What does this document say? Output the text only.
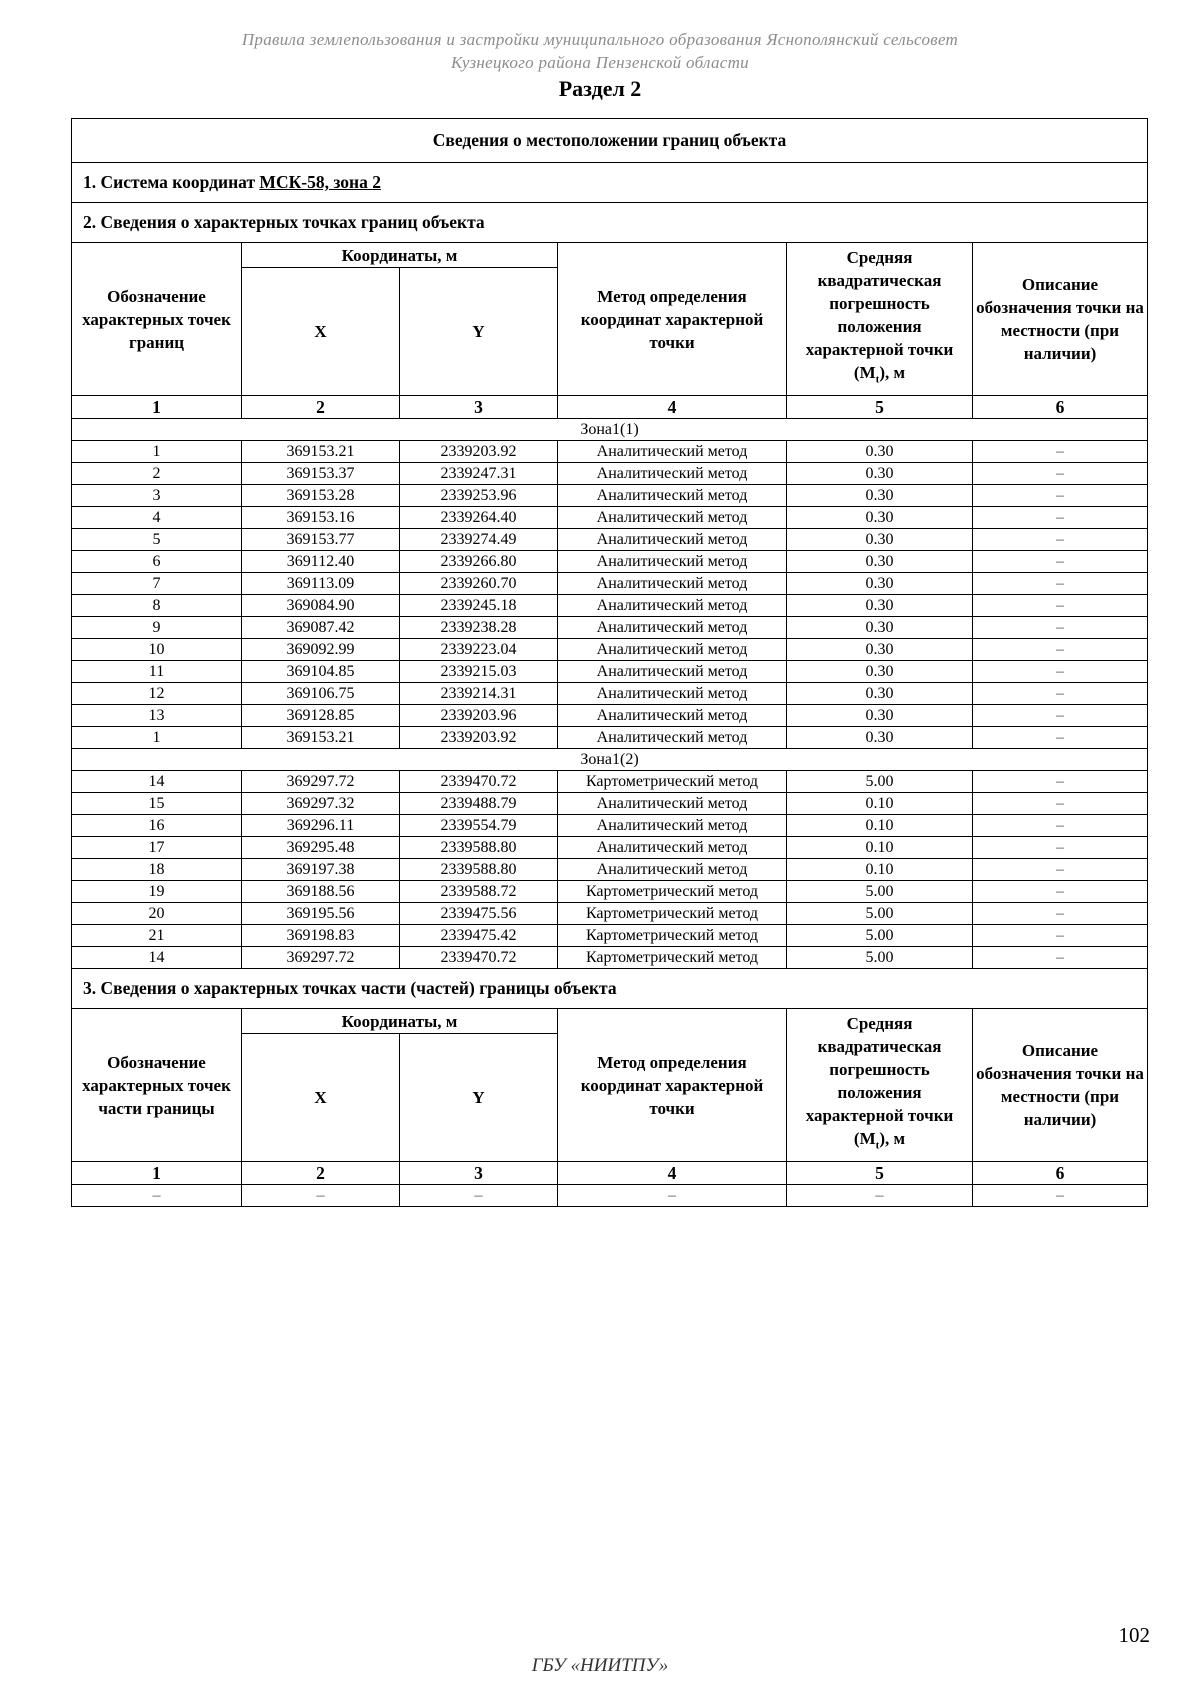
Правила землепользования и застройки муниципального образования Яснополянский сельсовет
Кузнецкого района Пензенской области
Раздел 2
Сведения о местоположении границ объекта					
1. Система координат МСК-58, зона 2					
2. Сведения о характерных точках границ объекта					
Обозначение характерных точек границ	Координаты, м		Метод определения координат характерной точки	Средняя квадратическая погрешность положения характерной точки $(M_t)$, м	Описание обозначения точки на местности (при наличии)
	X	Y			
1	2	3	4	5	6
Зона1(1)					
1	369153.21	2339203.92	Аналитический метод	0.30	–
2	369153.37	2339247.31	Аналитический метод	0.30	–
3	369153.28	2339253.96	Аналитический метод	0.30	–
4	369153.16	2339264.40	Аналитический метод	0.30	–
5	369153.77	2339274.49	Аналитический метод	0.30	–
6	369112.40	2339266.80	Аналитический метод	0.30	–
7	369113.09	2339260.70	Аналитический метод	0.30	–
8	369084.90	2339245.18	Аналитический метод	0.30	–
9	369087.42	2339238.28	Аналитический метод	0.30	–
10	369092.99	2339223.04	Аналитический метод	0.30	–
11	369104.85	2339215.03	Аналитический метод	0.30	–
12	369106.75	2339214.31	Аналитический метод	0.30	–
13	369128.85	2339203.96	Аналитический метод	0.30	–
1	369153.21	2339203.92	Аналитический метод	0.30	–
Зона1(2)					
14	369297.72	2339470.72	Картометрический метод	5.00	–
15	369297.32	2339488.79	Аналитический метод	0.10	–
16	369296.11	2339554.79	Аналитический метод	0.10	–
17	369295.48	2339588.80	Аналитический метод	0.10	–
18	369197.38	2339588.80	Аналитический метод	0.10	–
19	369188.56	2339588.72	Картометрический метод	5.00	–
20	369195.56	2339475.56	Картометрический метод	5.00	–
21	369198.83	2339475.42	Картометрический метод	5.00	–
14	369297.72	2339470.72	Картометрический метод	5.00	–
3. Сведения о характерных точках части (частей) границы объекта					
Обозначение характерных точек части границы	Координаты, м		Метод определения координат характерной точки	Средняя квадратическая погрешность положения характерной точки $(M_t)$, м	Описание обозначения точки на местности (при наличии)
	X	Y			
1	2	3	4	5	6
–	–	–	–	–	–
102
ГБУ «НИИТПУ»
